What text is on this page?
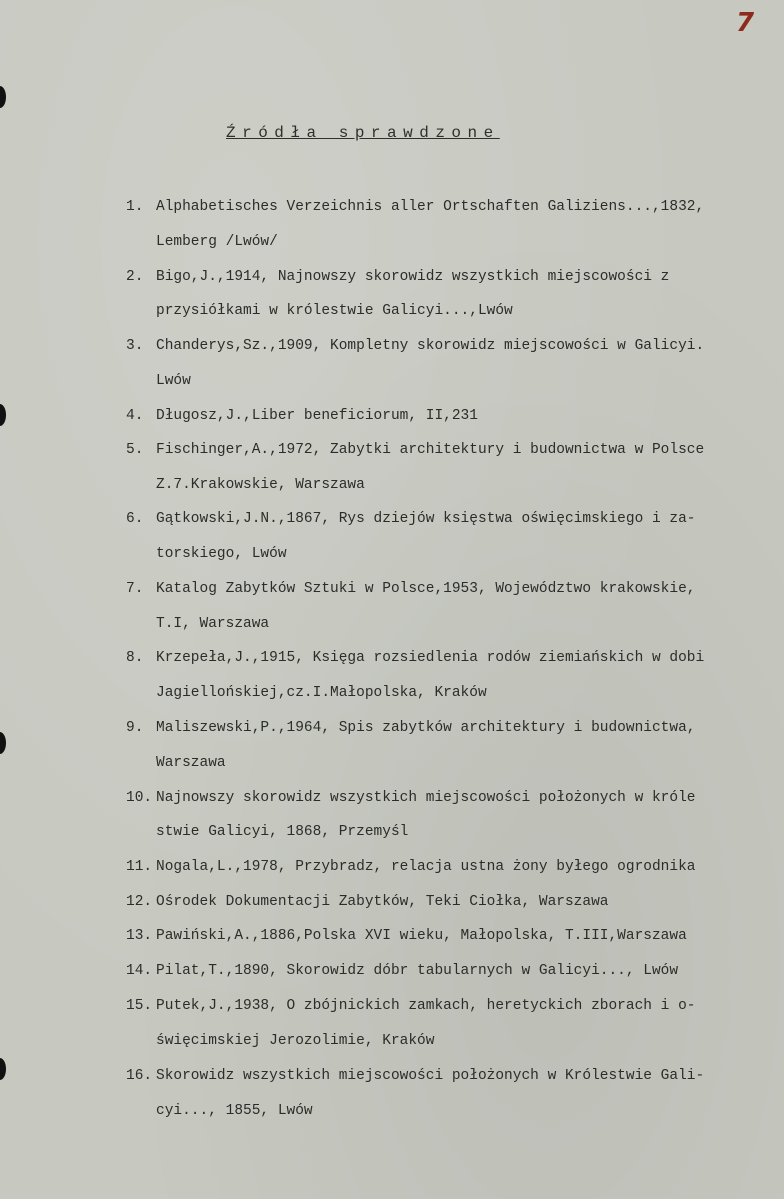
7
Źródła sprawdzone
1. Alphabetisches Verzeichnis aller Ortschaften Galiziens...,1832,
Lemberg /Lwów/
2. Bigo,J.,1914, Najnowszy skorowidz wszystkich miejscowości z
przysiółkami w królestwie Galicyi...,Lwów
3. Chanderys,Sz.,1909, Kompletny skorowidz miejscowości w Galicyi.
Lwów
4. Długosz,J.,Liber beneficiorum, II,231
5. Fischinger,A.,1972, Zabytki architektury i budownictwa w Polsce
Z.7.Krakowskie, Warszawa
6. Gątkowski,J.N.,1867, Rys dziejów księstwa oświęcimskiego i za-
torskiego, Lwów
7. Katalog Zabytków Sztuki w Polsce,1953, Województwo krakowskie,
T.I, Warszawa
8. Krzepeła,J.,1915, Księga rozsiedlenia rodów ziemiańskich w dobi
Jagiellońskiej,cz.I.Małopolska, Kraków
9. Maliszewski,P.,1964, Spis zabytków architektury i budownictwa,
Warszawa
10. Najnowszy skorowidz wszystkich miejscowości położonych w króle
stwie Galicyi, 1868, Przemyśl
11. Nogala,L.,1978, Przybradz, relacja ustna żony byłego ogrodnika
12. Ośrodek Dokumentacji Zabytków, Teki Ciołka, Warszawa
13. Pawiński,A.,1886,Polska XVI wieku, Małopolska, T.III,Warszawa
14. Pilat,T.,1890, Skorowidz dóbr tabularnych w Galicyi..., Lwów
15. Putek,J.,1938, O zbójnickich zamkach, heretyckich zborach i o-
święcimskiej Jerozolimie, Kraków
16. Skorowidz wszystkich miejscowości położonych w Królestwie Gali-
cyi..., 1855, Lwów
